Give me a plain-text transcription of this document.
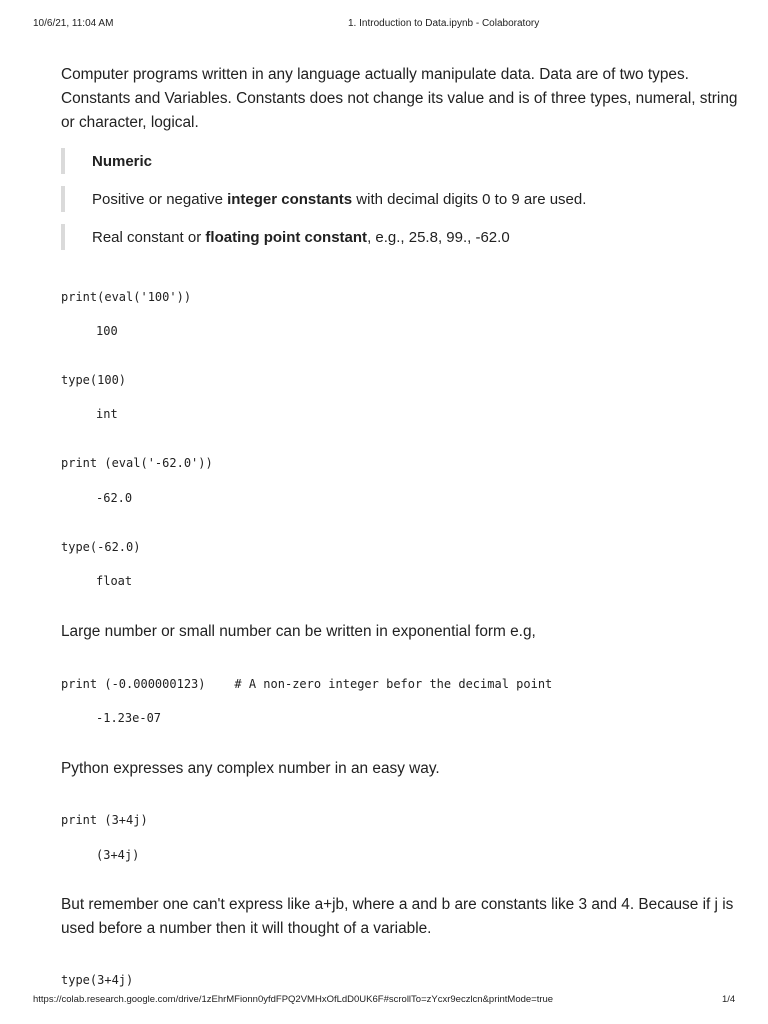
10/6/21, 11:04 AM	1. Introduction to Data.ipynb - Colaboratory
Computer programs written in any language actually manipulate data. Data are of two types.
Constants and Variables. Constants does not change its value and is of three types, numeral, string
or character, logical.
Numeric
Positive or negative integer constants with decimal digits 0 to 9 are used.
Real constant or floating point constant, e.g., 25.8, 99., -62.0
print(eval('100'))
100
type(100)
int
print (eval('-62.0'))
-62.0
type(-62.0)
float
Large number or small number can be written in exponential form e.g,
print (-0.000000123)    # A non-zero integer befor the decimal point
-1.23e-07
Python expresses any complex number in an easy way.
print (3+4j)
(3+4j)
But remember one can't express like a+jb, where a and b are constants like 3 and 4. Because if j is
used before a number then it will thought of a variable.
type(3+4j)
https://colab.research.google.com/drive/1zEhrMFionn0yfdFPQ2VMHxOfLdD0UK6F#scrollTo=zYcxr9eczlcn&printMode=true	1/4
